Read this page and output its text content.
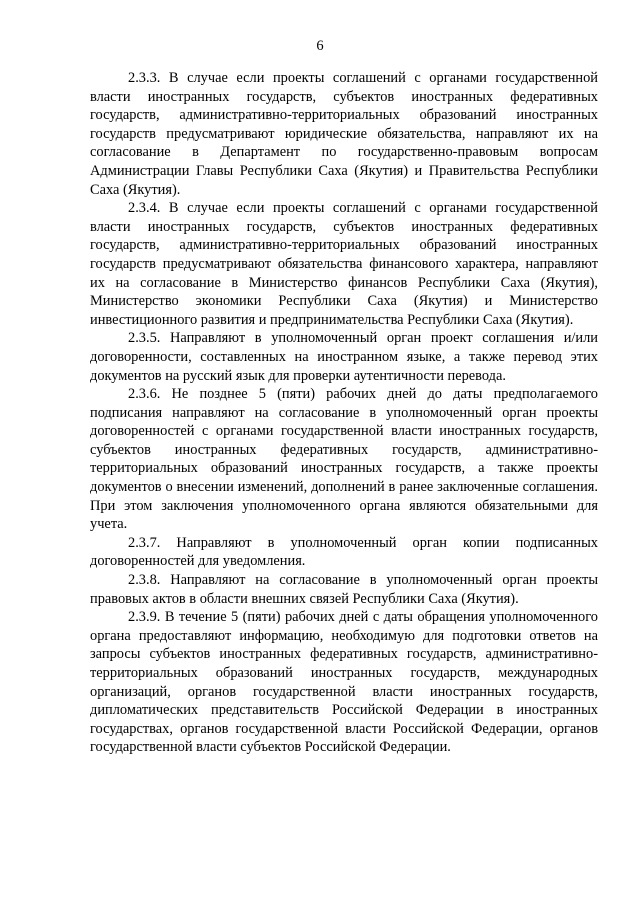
6

2.3.3. В случае если проекты соглашений с органами государственной власти иностранных государств, субъектов иностранных федеративных государств, административно-территориальных образований иностранных государств предусматривают юридические обязательства, направляют их на согласование в Департамент по государственно-правовым вопросам Администрации Главы Республики Саха (Якутия) и Правительства Республики Саха (Якутия).

2.3.4. В случае если проекты соглашений с органами государственной власти иностранных государств, субъектов иностранных федеративных государств, административно-территориальных образований иностранных государств предусматривают обязательства финансового характера, направляют их на согласование в Министерство финансов Республики Саха (Якутия), Министерство экономики Республики Саха (Якутия) и Министерство инвестиционного развития и предпринимательства Республики Саха (Якутия).

2.3.5. Направляют в уполномоченный орган проект соглашения и/или договоренности, составленных на иностранном языке, а также перевод этих документов на русский язык для проверки аутентичности перевода.

2.3.6. Не позднее 5 (пяти) рабочих дней до даты предполагаемого подписания направляют на согласование в уполномоченный орган проекты договоренностей с органами государственной власти иностранных государств, субъектов иностранных федеративных государств, административно-территориальных образований иностранных государств, а также проекты документов о внесении изменений, дополнений в ранее заключенные соглашения. При этом заключения уполномоченного органа являются обязательными для учета.

2.3.7. Направляют в уполномоченный орган копии подписанных договоренностей для уведомления.

2.3.8. Направляют на согласование в уполномоченный орган проекты правовых актов в области внешних связей Республики Саха (Якутия).

2.3.9. В течение 5 (пяти) рабочих дней с даты обращения уполномоченного органа предоставляют информацию, необходимую для подготовки ответов на запросы субъектов иностранных федеративных государств, административно-территориальных образований иностранных государств, международных организаций, органов государственной власти иностранных государств, дипломатических представительств Российской Федерации в иностранных государствах, органов государственной власти Российской Федерации, органов государственной власти субъектов Российской Федерации.
